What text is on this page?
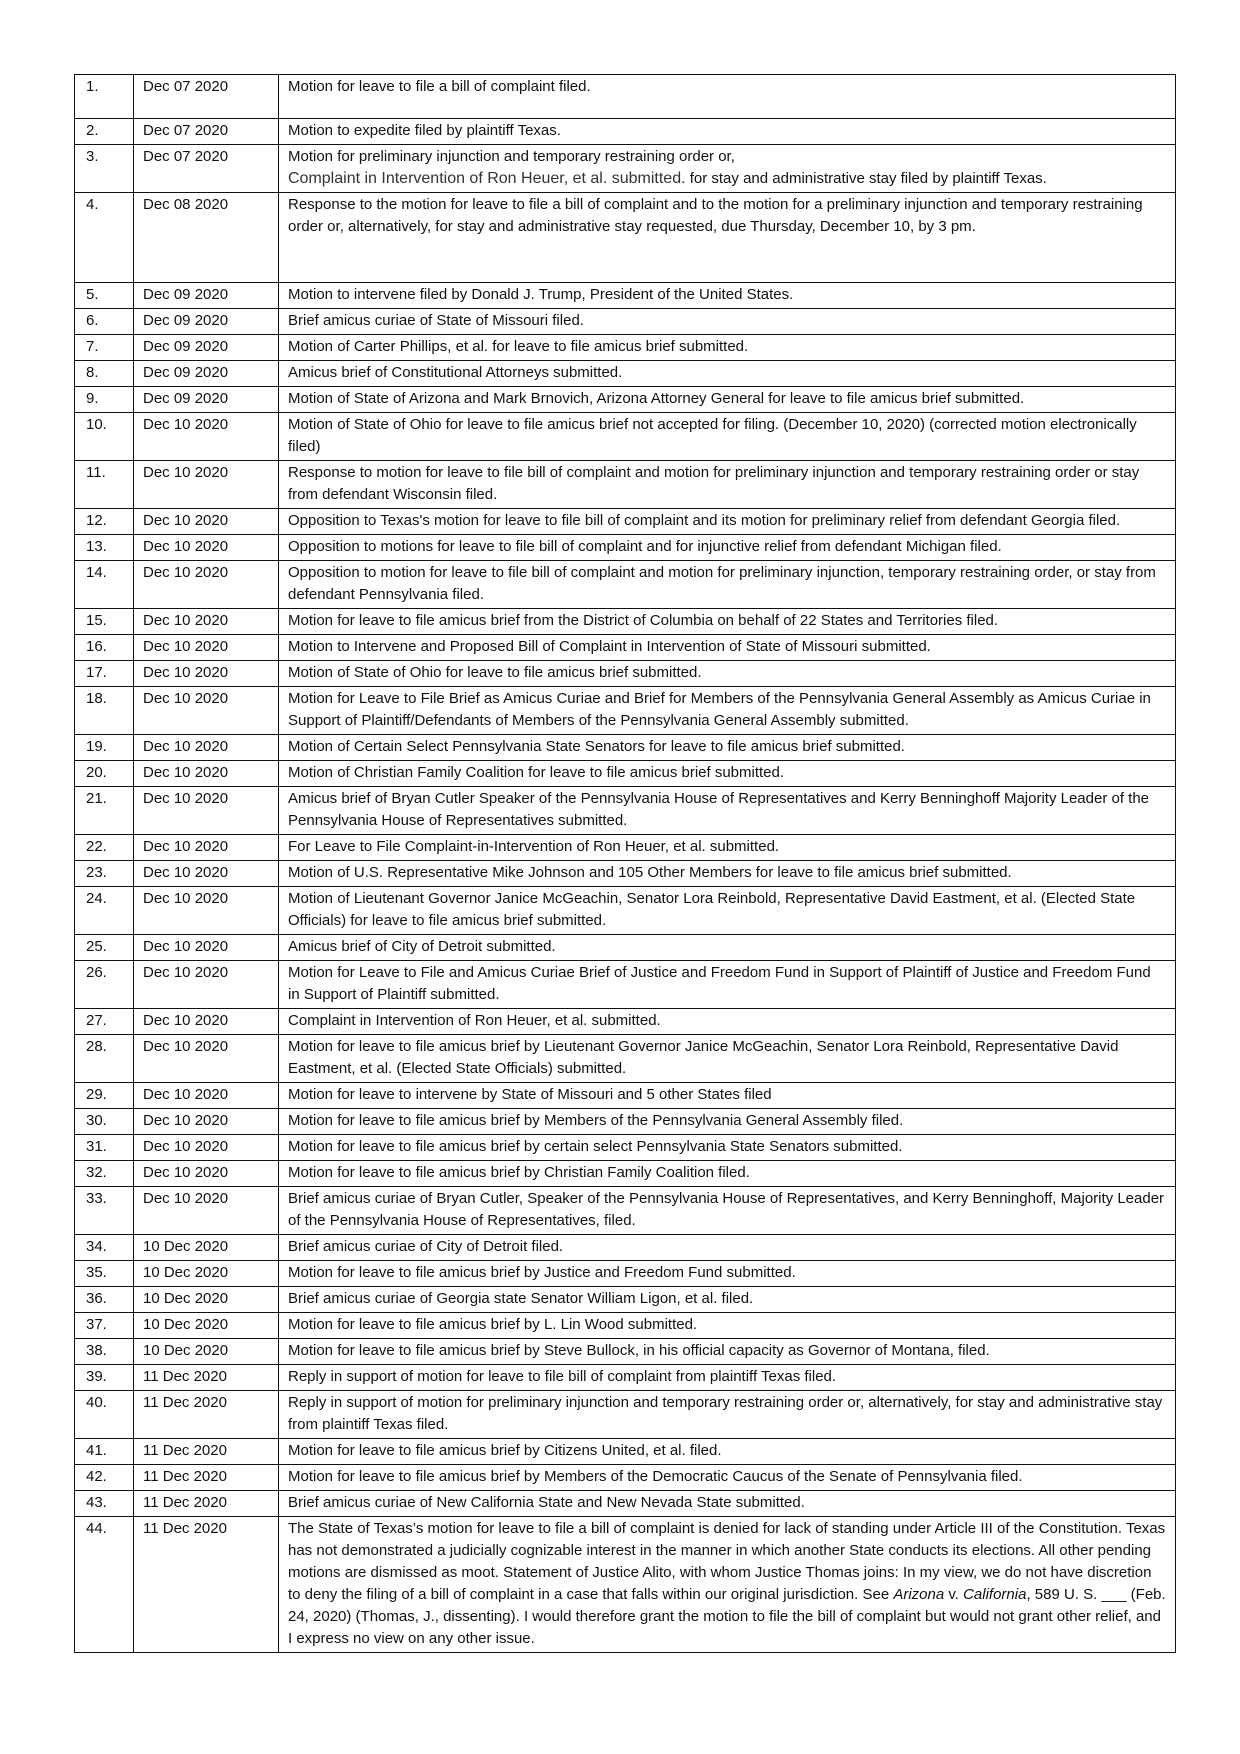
1.	Dec 07 2020	Motion for leave to file a bill of complaint filed.
2.	Dec 07 2020	Motion to expedite filed by plaintiff Texas.
3.	Dec 07 2020	Motion for preliminary injunction and temporary restraining order or,
Complaint in Intervention of Ron Heuer, et al. submitted. for stay and administrative stay filed by plaintiff Texas.
4.	Dec 08 2020	Response to the motion for leave to file a bill of complaint and to the motion for a preliminary injunction and temporary restraining order or, alternatively, for stay and administrative stay requested, due Thursday, December 10, by 3 pm.
5.	Dec 09 2020	Motion to intervene filed by Donald J. Trump, President of the United States.
6.	Dec 09 2020	Brief amicus curiae of State of Missouri filed.
7.	Dec 09 2020	Motion of Carter Phillips, et al. for leave to file amicus brief submitted.
8.	Dec 09 2020	Amicus brief of Constitutional Attorneys submitted.
9.	Dec 09 2020	Motion of State of Arizona and Mark Brnovich, Arizona Attorney General for leave to file amicus brief submitted.
10.	Dec 10 2020	Motion of State of Ohio for leave to file amicus brief not accepted for filing. (December 10, 2020) (corrected motion electronically filed)
11.	Dec 10 2020	Response to motion for leave to file bill of complaint and motion for preliminary injunction and temporary restraining order or stay from defendant Wisconsin filed.
12.	Dec 10 2020	Opposition to Texas's motion for leave to file bill of complaint and its motion for preliminary relief from defendant Georgia filed.
13.	Dec 10 2020	Opposition to motions for leave to file bill of complaint and for injunctive relief from defendant Michigan filed.
14.	Dec 10 2020	Opposition to motion for leave to file bill of complaint and motion for preliminary injunction, temporary restraining order, or stay from defendant Pennsylvania filed.
15.	Dec 10 2020	Motion for leave to file amicus brief from the District of Columbia on behalf of 22 States and Territories filed.
16.	Dec 10 2020	Motion to Intervene and Proposed Bill of Complaint in Intervention of State of Missouri submitted.
17.	Dec 10 2020	Motion of State of Ohio for leave to file amicus brief submitted.
18.	Dec 10 2020	Motion for Leave to File Brief as Amicus Curiae and Brief for Members of the Pennsylvania General Assembly as Amicus Curiae in Support of Plaintiff/Defendants of Members of the Pennsylvania General Assembly submitted.
19.	Dec 10 2020	Motion of Certain Select Pennsylvania State Senators for leave to file amicus brief submitted.
20.	Dec 10 2020	Motion of Christian Family Coalition for leave to file amicus brief submitted.
21.	Dec 10 2020	Amicus brief of Bryan Cutler Speaker of the Pennsylvania House of Representatives and Kerry Benninghoff Majority Leader of the Pennsylvania House of Representatives submitted.
22.	Dec 10 2020	For Leave to File Complaint-in-Intervention of Ron Heuer, et al. submitted.
23.	Dec 10 2020	Motion of U.S. Representative Mike Johnson and 105 Other Members for leave to file amicus brief submitted.
24.	Dec 10 2020	Motion of Lieutenant Governor Janice McGeachin, Senator Lora Reinbold, Representative David Eastment, et al. (Elected State Officials) for leave to file amicus brief submitted.
25.	Dec 10 2020	Amicus brief of City of Detroit submitted.
26.	Dec 10 2020	Motion for Leave to File and Amicus Curiae Brief of Justice and Freedom Fund in Support of Plaintiff of Justice and Freedom Fund in Support of Plaintiff submitted.
27.	Dec 10 2020	Complaint in Intervention of Ron Heuer, et al. submitted.
28.	Dec 10 2020	Motion for leave to file amicus brief by Lieutenant Governor Janice McGeachin, Senator Lora Reinbold, Representative David Eastment, et al. (Elected State Officials) submitted.
29.	Dec 10 2020	Motion for leave to intervene by State of Missouri and 5 other States filed
30.	Dec 10 2020	Motion for leave to file amicus brief by Members of the Pennsylvania General Assembly filed.
31.	Dec 10 2020	Motion for leave to file amicus brief by certain select Pennsylvania State Senators submitted.
32.	Dec 10 2020	Motion for leave to file amicus brief by Christian Family Coalition filed.
33.	Dec 10 2020	Brief amicus curiae of Bryan Cutler, Speaker of the Pennsylvania House of Representatives, and Kerry Benninghoff, Majority Leader of the Pennsylvania House of Representatives, filed.
34.	10 Dec 2020	Brief amicus curiae of City of Detroit filed.
35.	10 Dec 2020	Motion for leave to file amicus brief by Justice and Freedom Fund submitted.
36.	10 Dec 2020	Brief amicus curiae of Georgia state Senator William Ligon, et al. filed.
37.	10 Dec 2020	Motion for leave to file amicus brief by L. Lin Wood submitted.
38.	10 Dec 2020	Motion for leave to file amicus brief by Steve Bullock, in his official capacity as Governor of Montana, filed.
39.	11 Dec 2020	Reply in support of motion for leave to file bill of complaint from plaintiff Texas filed.
40.	11 Dec 2020	Reply in support of motion for preliminary injunction and temporary restraining order or, alternatively, for stay and administrative stay from plaintiff Texas filed.
41.	11 Dec 2020	Motion for leave to file amicus brief by Citizens United, et al. filed.
42.	11 Dec 2020	Motion for leave to file amicus brief by Members of the Democratic Caucus of the Senate of Pennsylvania filed.
43.	11 Dec 2020	Brief amicus curiae of New California State and New Nevada State submitted.
44.	11 Dec 2020	The State of Texas’s motion for leave to file a bill of complaint is denied for lack of standing under Article III of the Constitution. Texas has not demonstrated a judicially cognizable interest in the manner in which another State conducts its elections. All other pending motions are dismissed as moot. Statement of Justice Alito, with whom Justice Thomas joins: In my view, we do not have discretion to deny the filing of a bill of complaint in a case that falls within our original jurisdiction. See Arizona v. California, 589 U. S. ___ (Feb. 24, 2020) (Thomas, J., dissenting). I would therefore grant the motion to file the bill of complaint but would not grant other relief, and I express no view on any other issue.
